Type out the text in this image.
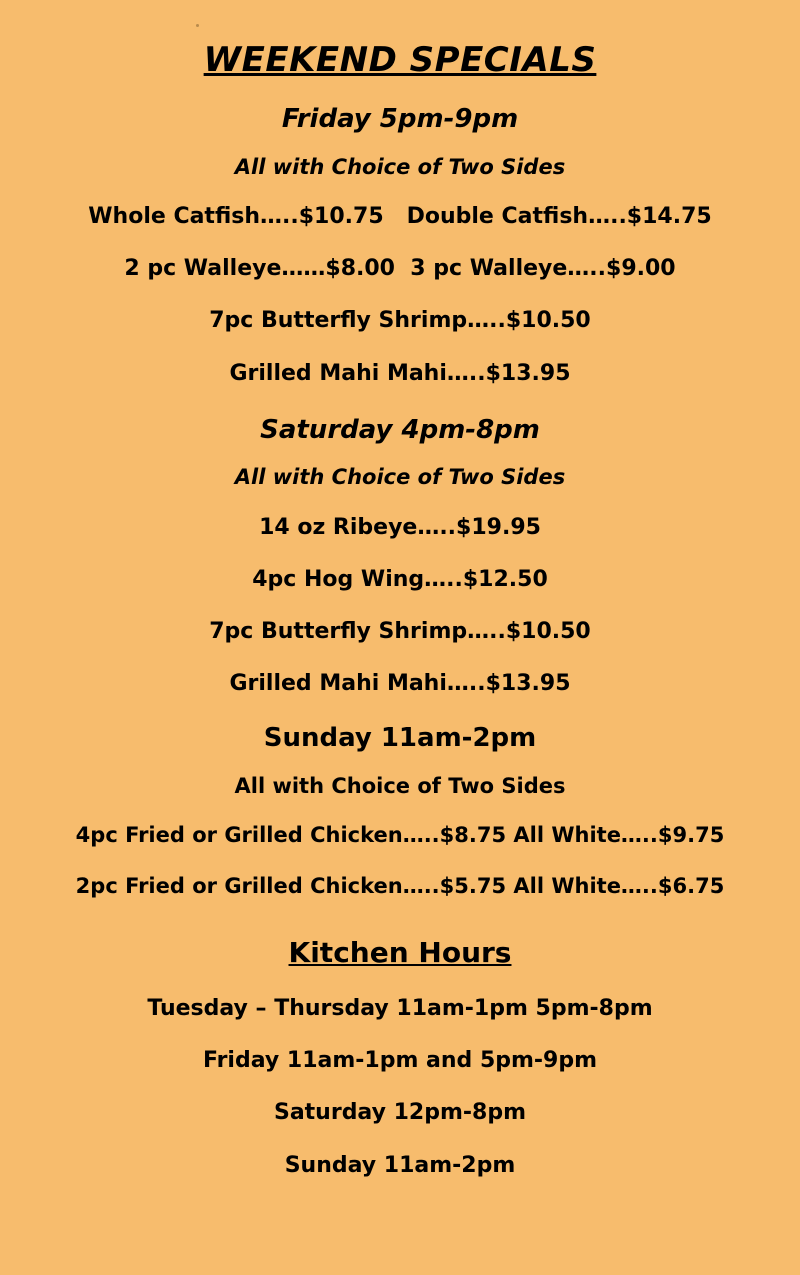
WEEKEND SPECIALS
Friday 5pm-9pm
All with Choice of Two Sides
Whole Catfish…..$10.75   Double Catfish…..$14.75
2 pc Walleye……$8.00  3 pc Walleye…..$9.00
7pc Butterfly Shrimp…..$10.50
Grilled Mahi Mahi…..$13.95
Saturday 4pm-8pm
All with Choice of Two Sides
14 oz Ribeye…..$19.95
4pc Hog Wing…..$12.50
7pc Butterfly Shrimp…..$10.50
Grilled Mahi Mahi…..$13.95
Sunday 11am-2pm
All with Choice of Two Sides
4pc Fried or Grilled Chicken…..$8.75 All White…..$9.75
2pc Fried or Grilled Chicken…..$5.75 All White…..$6.75
Kitchen Hours
Tuesday – Thursday 11am-1pm 5pm-8pm
Friday 11am-1pm and 5pm-9pm
Saturday 12pm-8pm
Sunday 11am-2pm
